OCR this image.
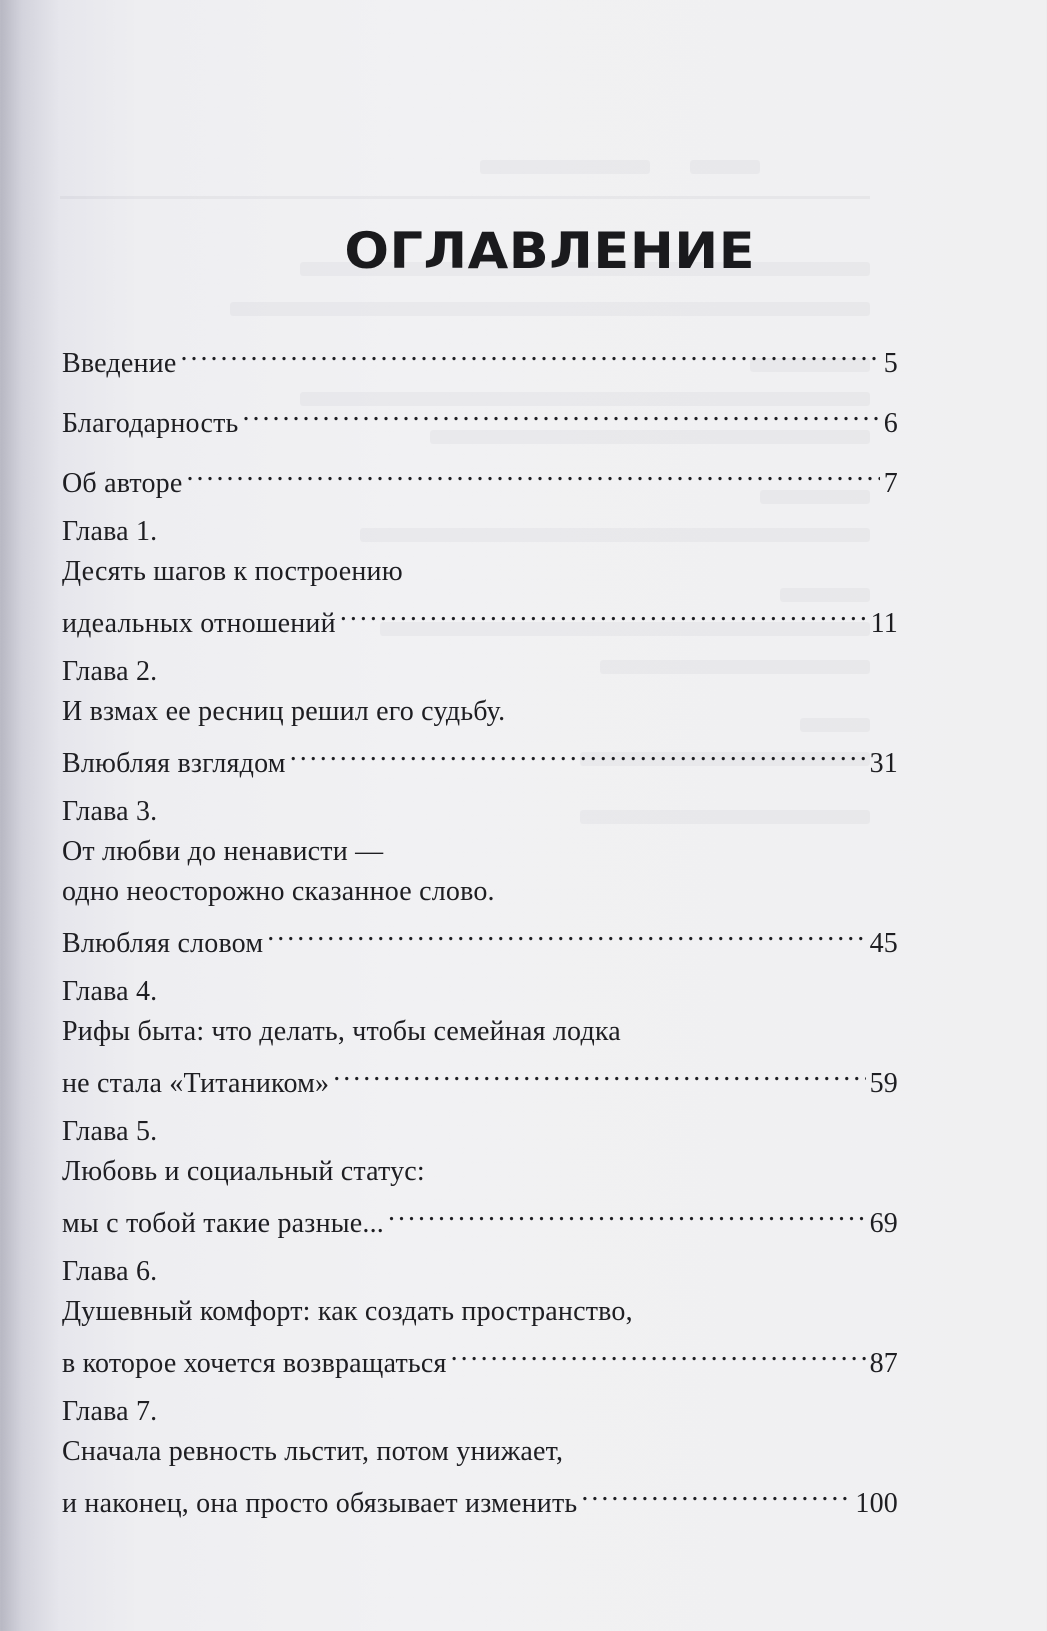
ОГЛАВЛЕНИЕ
Введение .....	5
Благодарность .....	6
Об авторе .....	7
Глава 1.
Десять шагов к построению
идеальных отношений .....	11
Глава 2.
И взмах ее ресниц решил его судьбу.
Влюбляя взглядом .....	31
Глава 3.
От любви до ненависти —
одно неосторожно сказанное слово.
Влюбляя словом .....	45
Глава 4.
Рифы быта: что делать, чтобы семейная лодка
не стала «Титаником» .....	59
Глава 5.
Любовь и социальный статус:
мы с тобой такие разные... .....	69
Глава 6.
Душевный комфорт: как создать пространство,
в которое хочется возвращаться .....	87
Глава 7.
Сначала ревность льстит, потом унижает,
и наконец, она просто обязывает изменить .....	100
